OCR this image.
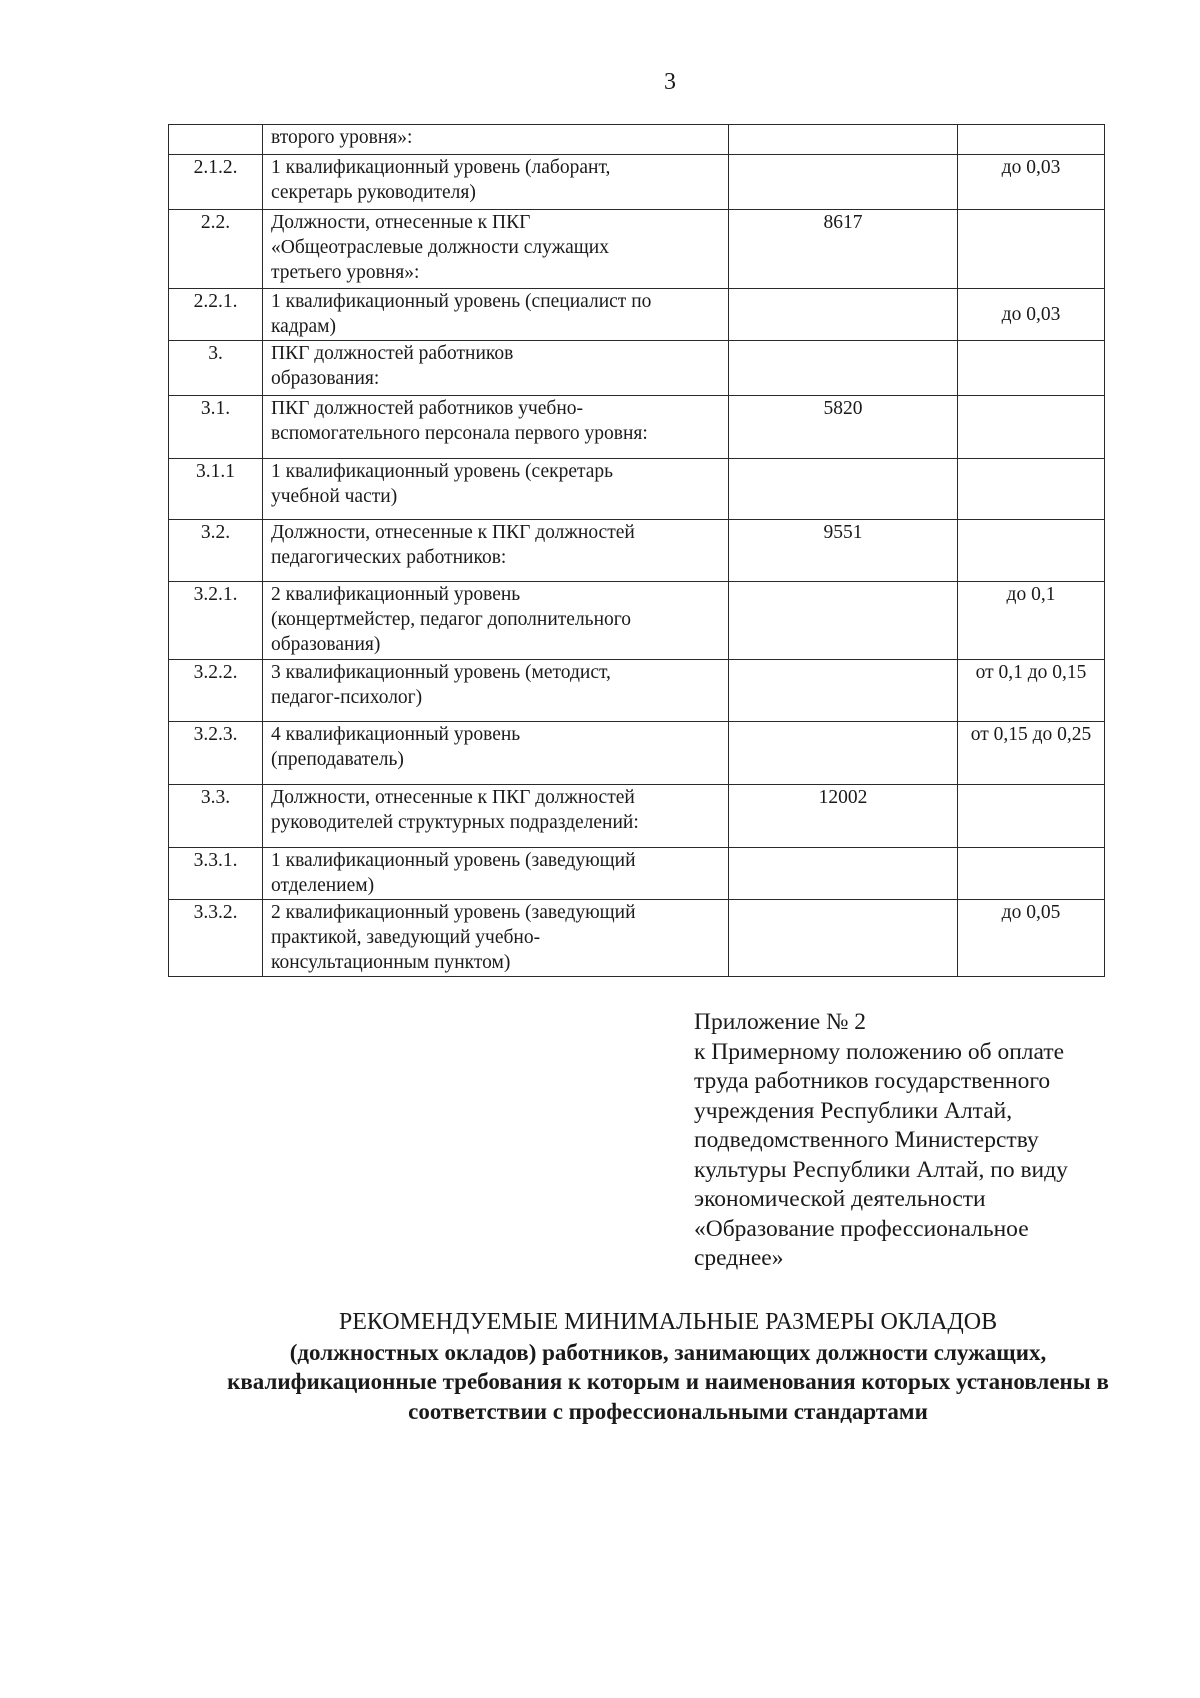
3

	второго уровня»:		

2.1.2.	1 квалификационный уровень (лаборант,
секретарь руководителя)		до 0,03
2.2.	Должности, отнесенные к ПКГ
«Общеотраслевые должности служащих
третьего уровня»:	8617	
2.2.1.	1 квалификационный уровень (специалист по
кадрам)		до 0,03
3.	ПКГ должностей работников
образования:		

3.1.	ПКГ должностей работников учебно-
вспомогательного персонала первого уровня:	5820	
3.1.1	1 квалификационный уровень (секретарь
учебной части)		

3.2.	Должности, отнесенные к ПКГ должностей
педагогических работников:	9551	
3.2.1.	2 квалификационный уровень
(концертмейстер, педагог дополнительного
образования)		до 0,1
3.2.2.	3 квалификационный уровень (методист,
педагог-психолог)		от 0,1 до 0,15
3.2.3.	4 квалификационный уровень
(преподаватель)		от 0,15 до 0,25
3.3.	Должности, отнесенные к ПКГ должностей
руководителей структурных подразделений:	12002	
3.3.1.	1 квалификационный уровень (заведующий
отделением)		

3.3.2.	2 квалификационный уровень (заведующий
практикой, заведующий учебно-
консультационным пунктом)		до 0,05
Приложение № 2
к Примерному положению об оплате
труда работников государственного
учреждения Республики Алтай,
подведомственного Министерству
культуры Республики Алтай, по виду
экономической деятельности
«Образование профессиональное
среднее»
РЕКОМЕНДУЕМЫЕ МИНИМАЛЬНЫЕ РАЗМЕРЫ ОКЛАДОВ
(должностных окладов) работников, занимающих должности служащих,
квалификационные требования к которым и наименования которых установлены в
соответствии с профессиональными стандартами
